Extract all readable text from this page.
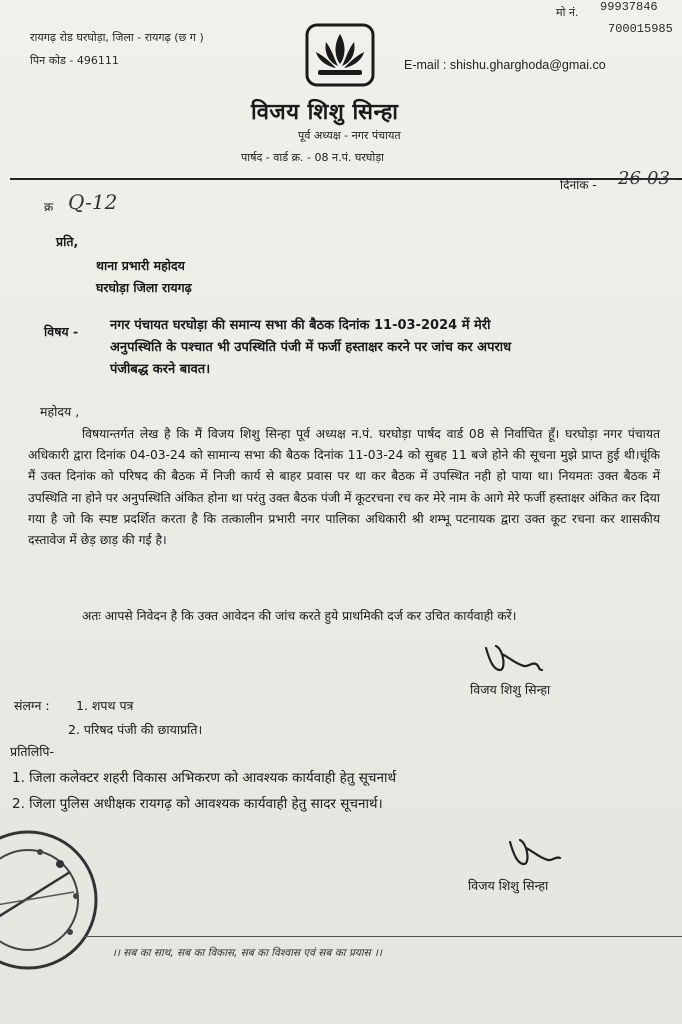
रायगढ़ रोड घरघोड़ा, जिला - रायगढ़ (छ ग )
पिन कोड - 496111
मो नं. 99937846
700015985
E-mail : shishu.gharghoda@gmai.co
विजय शिशु सिन्हा
पूर्व अध्यक्ष - नगर पंचायत
पार्षद - वार्ड क्र. - 08 न.पं. घरघोड़ा
क्र Q-12
दिनांक - 26-03-
प्रति,
थाना प्रभारी महोदय
घरघोड़ा जिला रायगढ़
विषय - नगर पंचायत घरघोड़ा की समान्य सभा की बैठक दिनांक 11-03-2024 में मेरी
अनुपस्थिति के पश्चात भी उपस्थिति पंजी में फर्जी हस्ताक्षर करने पर जांच कर अपराध
पंजीबद्ध करने बावत।
महोदय ,
विषयान्तर्गत लेख है कि मैं विजय शिशु सिन्हा पूर्व अध्यक्ष न.पं. घरघोड़ा पार्षद वार्ड 08 से निर्वाचित हूँ। घरघोड़ा नगर पंचायत अधिकारी द्वारा दिनांक 04-03-24 को सामान्य सभा की बैठक दिनांक 11-03-24 को सुबह 11 बजे होने की सूचना मुझे प्राप्त हुई थी।चूंकि मैं उक्त दिनांक को परिषद की बैठक में निजी कार्य से बाहर प्रवास पर था कर बैठक में उपस्थित नही हो पाया था। नियमतः उक्त बैठक में उपस्थिति ना होने पर अनुपस्थिति अंकित होना था परंतु उक्त बैठक पंजी में कूटरचना रच कर मेरे नाम के आगे मेरे फर्जी हस्ताक्षर अंकित कर दिया गया है जो कि स्पष्ट प्रदर्शित करता है कि तत्कालीन प्रभारी नगर पालिका अधिकारी श्री शम्भू पटनायक द्वारा उक्त कूट रचना कर शासकीय दस्तावेज में छेड़ छाड़ की गई है।
अतः आपसे निवेदन है कि उक्त आवेदन की जांच करते हुये प्राथमिकी दर्ज कर उचित कार्यवाही करें।
विजय शिशु सिन्हा
संलग्न : 1. शपथ पत्र
2. परिषद पंजी की छायाप्रति।
प्रतिलिपि-
1. जिला कलेक्टर शहरी विकास अभिकरण को आवश्यक कार्यवाही हेतु सूचनार्थ
2. जिला पुलिस अधीक्षक रायगढ़ को आवश्यक कार्यवाही हेतु सादर सूचनार्थ।
विजय शिशु सिन्हा
।। सब का साथ, सब का विकास, सब का विश्वास एवं सब का प्रयास ।।
